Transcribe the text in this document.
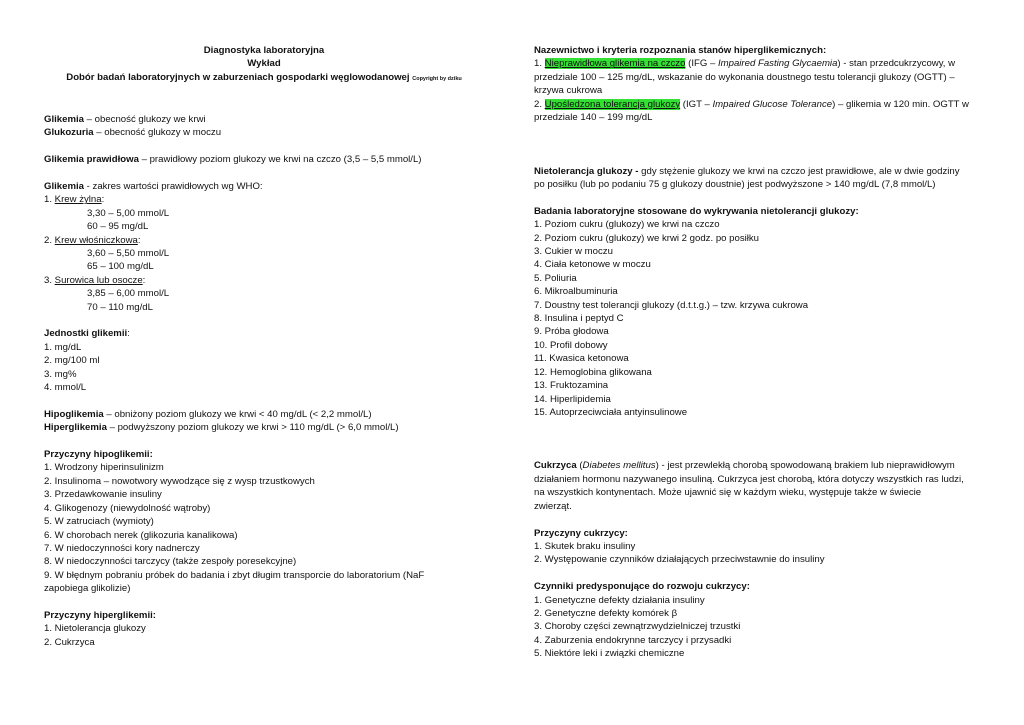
Diagnostyka laboratoryjna
Wykład
Dobór badań laboratoryjnych w zaburzeniach gospodarki węglowodanowej Copyright by dziku
Glikemia – obecność glukozy we krwi
Glukozuria – obecność glukozy w moczu
Glikemia prawidłowa – prawidłowy poziom glukozy we krwi na czczo (3,5 – 5,5 mmol/L)
Glikemia - zakres wartości prawidłowych wg WHO:
1. Krew żylna:
3,30 – 5,00 mmol/L
60 – 95 mg/dL
2. Krew włośniczkowa:
3,60 – 5,50 mmol/L
65 – 100 mg/dL
3. Surowica lub osocze:
3,85 – 6,00 mmol/L
70 – 110 mg/dL
Jednostki glikemii:
1. mg/dL
2. mg/100 ml
3. mg%
4. mmol/L
Hipoglikemia – obniżony poziom glukozy we krwi < 40 mg/dL (< 2,2 mmol/L)
Hiperglikemia – podwyższony poziom glukozy we krwi > 110 mg/dL (> 6,0 mmol/L)
Przyczyny hipoglikemii:
1. Wrodzony hiperinsulinizm
2. Insulinoma – nowotwory wywodzące się z wysp trzustkowych
3. Przedawkowanie insuliny
4. Glikogenozy (niewydolność wątroby)
5. W zatruciach (wymioty)
6. W chorobach nerek (glikozuria kanalikowa)
7. W niedoczynności kory nadnerczy
8. W niedoczynności tarczycy (także zespoły poresekcyjne)
9. W błędnym pobraniu próbek do badania i zbyt długim transporcie do laboratorium (NaF
zapobiega glikolizie)
Przyczyny hiperglikemii:
1. Nietolerancja glukozy
2. Cukrzyca
Nazewnictwo i kryteria rozpoznania stanów hiperglikemicznych:
1. Nieprawidłowa glikemia na czczo (IFG – Impaired Fasting Glycaemia) - stan przedcukrzycowy, w
przedziale 100 – 125 mg/dL, wskazanie do wykonania doustnego testu tolerancji glukozy (OGTT) –
krzywa cukrowa
2. Upośledzona tolerancja glukozy (IGT – Impaired Glucose Tolerance) – glikemia w 120 min. OGTT w
przedziale 140 – 199 mg/dL
Nietolerancja glukozy - gdy stężenie glukozy we krwi na czczo jest prawidłowe, ale w dwie godziny
po posiłku (lub po podaniu 75 g glukozy doustnie) jest podwyższone > 140 mg/dL (7,8 mmol/L)
Badania laboratoryjne stosowane do wykrywania nietolerancji glukozy:
1. Poziom cukru (glukozy) we krwi na czczo
2. Poziom cukru (glukozy) we krwi 2 godz. po posiłku
3. Cukier w moczu
4. Ciała ketonowe w moczu
5. Poliuria
6. Mikroalbuminuria
7. Doustny test tolerancji glukozy (d.t.t.g.) – tzw. krzywa cukrowa
8. Insulina i peptyd C
9. Próba głodowa
10. Profil dobowy
11. Kwasica ketonowa
12. Hemoglobina glikowana
13. Fruktozamina
14. Hiperlipidemia
15. Autoprzeciwciała antyinsulinowe
Cukrzyca (Diabetes mellitus) - jest przewlekłą chorobą spowodowaną brakiem lub nieprawidłowym
działaniem hormonu nazywanego insuliną. Cukrzyca jest chorobą, która dotyczy wszystkich ras ludzi,
na wszystkich kontynentach. Może ujawnić się w każdym wieku, występuje także w świecie
zwierząt.
Przyczyny cukrzycy:
1. Skutek braku insuliny
2. Występowanie czynników działających przeciwstawnie do insuliny
Czynniki predysponujące do rozwoju cukrzycy:
1. Genetyczne defekty działania insuliny
2. Genetyczne defekty komórek β
3. Choroby części zewnątrzwydzielniczej trzustki
4. Zaburzenia endokrynne tarczycy i przysadki
5. Niektóre leki i związki chemiczne
